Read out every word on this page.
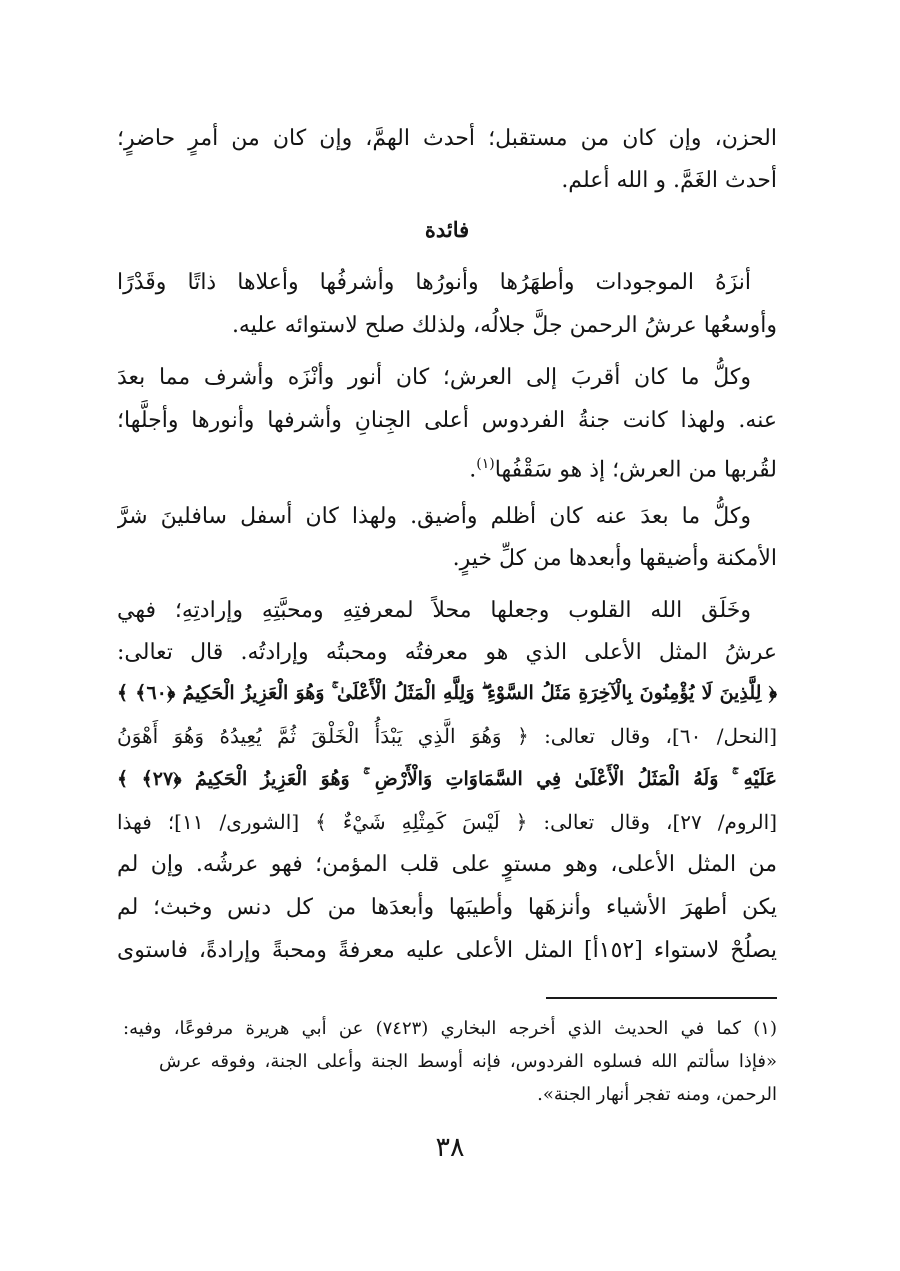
الحزن، وإن كان من مستقبل؛ أحدث الهمَّ، وإن كان من أمرٍ حاضرٍ؛
أحدث الغَمَّ. و الله أعلم.
فائدة
أنزَهُ الموجودات وأطهَرُها وأنورُها وأشرفُها وأعلاها ذاتًا وقَدْرًا
وأوسعُها عرشُ الرحمن جلَّ جلالُه، ولذلك صلح لاستوائه عليه.
وكلُّ ما كان أقربَ إلى العرش؛ كان أنور وأنْزَه وأشرف مما بعدَ
عنه. ولهذا كانت جنةُ الفردوس أعلى الجِنانِ وأشرفها وأنورها وأجلَّها؛
لقُربها من العرش؛ إذ هو سَقْفُها$^{(١)}$.
وكلُّ ما بعدَ عنه كان أظلم وأضيق. ولهذا كان أسفل سافلينَ شرَّ
الأمكنة وأضيقها وأبعدها من كلِّ خيرٍ.
وخَلَق الله القلوب وجعلها محلاً لمعرفتِهِ ومحبَّتِهِ وإرادتِهِ؛ فهي
عرشُ المثل الأعلى الذي هو معرفتُه ومحبتُه وإرادتُه. قال تعالى:
﴿ لِلَّذِينَ لَا يُؤْمِنُونَ بِالْآخِرَةِ مَثَلُ السَّوْءِ ۖ وَلِلَّهِ الْمَثَلُ الْأَعْلَىٰ ۚ وَهُوَ الْعَزِيزُ الْحَكِيمُ ﴿٦٠﴾ ﴾
[النحل/ ٦٠]، وقال تعالى: ﴿ وَهُوَ الَّذِي يَبْدَأُ الْخَلْقَ ثُمَّ يُعِيدُهُ وَهُوَ أَهْوَنُ
عَلَيْهِ ۚ وَلَهُ الْمَثَلُ الْأَعْلَىٰ فِي السَّمَاوَاتِ وَالْأَرْضِ ۚ وَهُوَ الْعَزِيزُ الْحَكِيمُ ﴿٢٧﴾ ﴾
[الروم/ ٢٧]، وقال تعالى: ﴿ لَيْسَ كَمِثْلِهِ شَيْءٌ ﴾ [الشورى/ ١١]؛ فهذا
من المثل الأعلى، وهو مستوٍ على قلب المؤمن؛ فهو عرشُه. وإن لم
يكن أطهرَ الأشياء وأنزهَها وأطيبَها وأبعدَها من كل دنس وخبث؛ لم
يصلُحْ لاستواء [١٥٢أ] المثل الأعلى عليه معرفةً ومحبةً وإرادةً، فاستوى
(١) كما في الحديث الذي أخرجه البخاري (٧٤٢٣) عن أبي هريرة مرفوعًا، وفيه:
«فإذا سألتم الله فسلوه الفردوس، فإنه أوسط الجنة وأعلى الجنة، وفوقه عرش
الرحمن، ومنه تفجر أنهار الجنة».
٣٨
